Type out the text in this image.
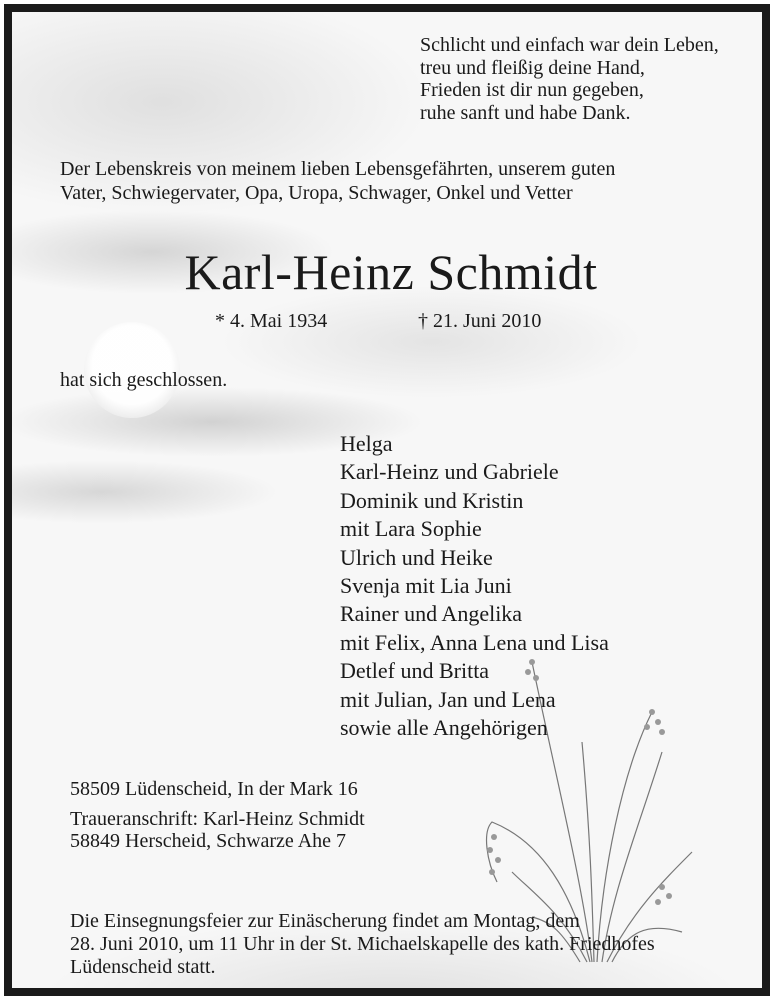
Schlicht und einfach war dein Leben,
treu und fleißig deine Hand,
Frieden ist dir nun gegeben,
ruhe sanft und habe Dank.
Der Lebenskreis von meinem lieben Lebensgefährten, unserem guten
Vater, Schwiegervater, Opa, Uropa, Schwager, Onkel und Vetter
Karl-Heinz Schmidt
* 4. Mai 1934	† 21. Juni 2010
hat sich geschlossen.
Helga
Karl-Heinz und Gabriele
Dominik und Kristin
mit Lara Sophie
Ulrich und Heike
Svenja mit Lia Juni
Rainer und Angelika
mit Felix, Anna Lena und Lisa
Detlef und Britta
mit Julian, Jan und Lena
sowie alle Angehörigen
58509 Lüdenscheid, In der Mark 16
Traueranschrift: Karl-Heinz Schmidt
58849 Herscheid, Schwarze Ahe 7
Die Einsegnungsfeier zur Einäscherung findet am Montag, dem
28. Juni 2010, um 11 Uhr in der St. Michaelskapelle des kath. Friedhofes
Lüdenscheid statt.
